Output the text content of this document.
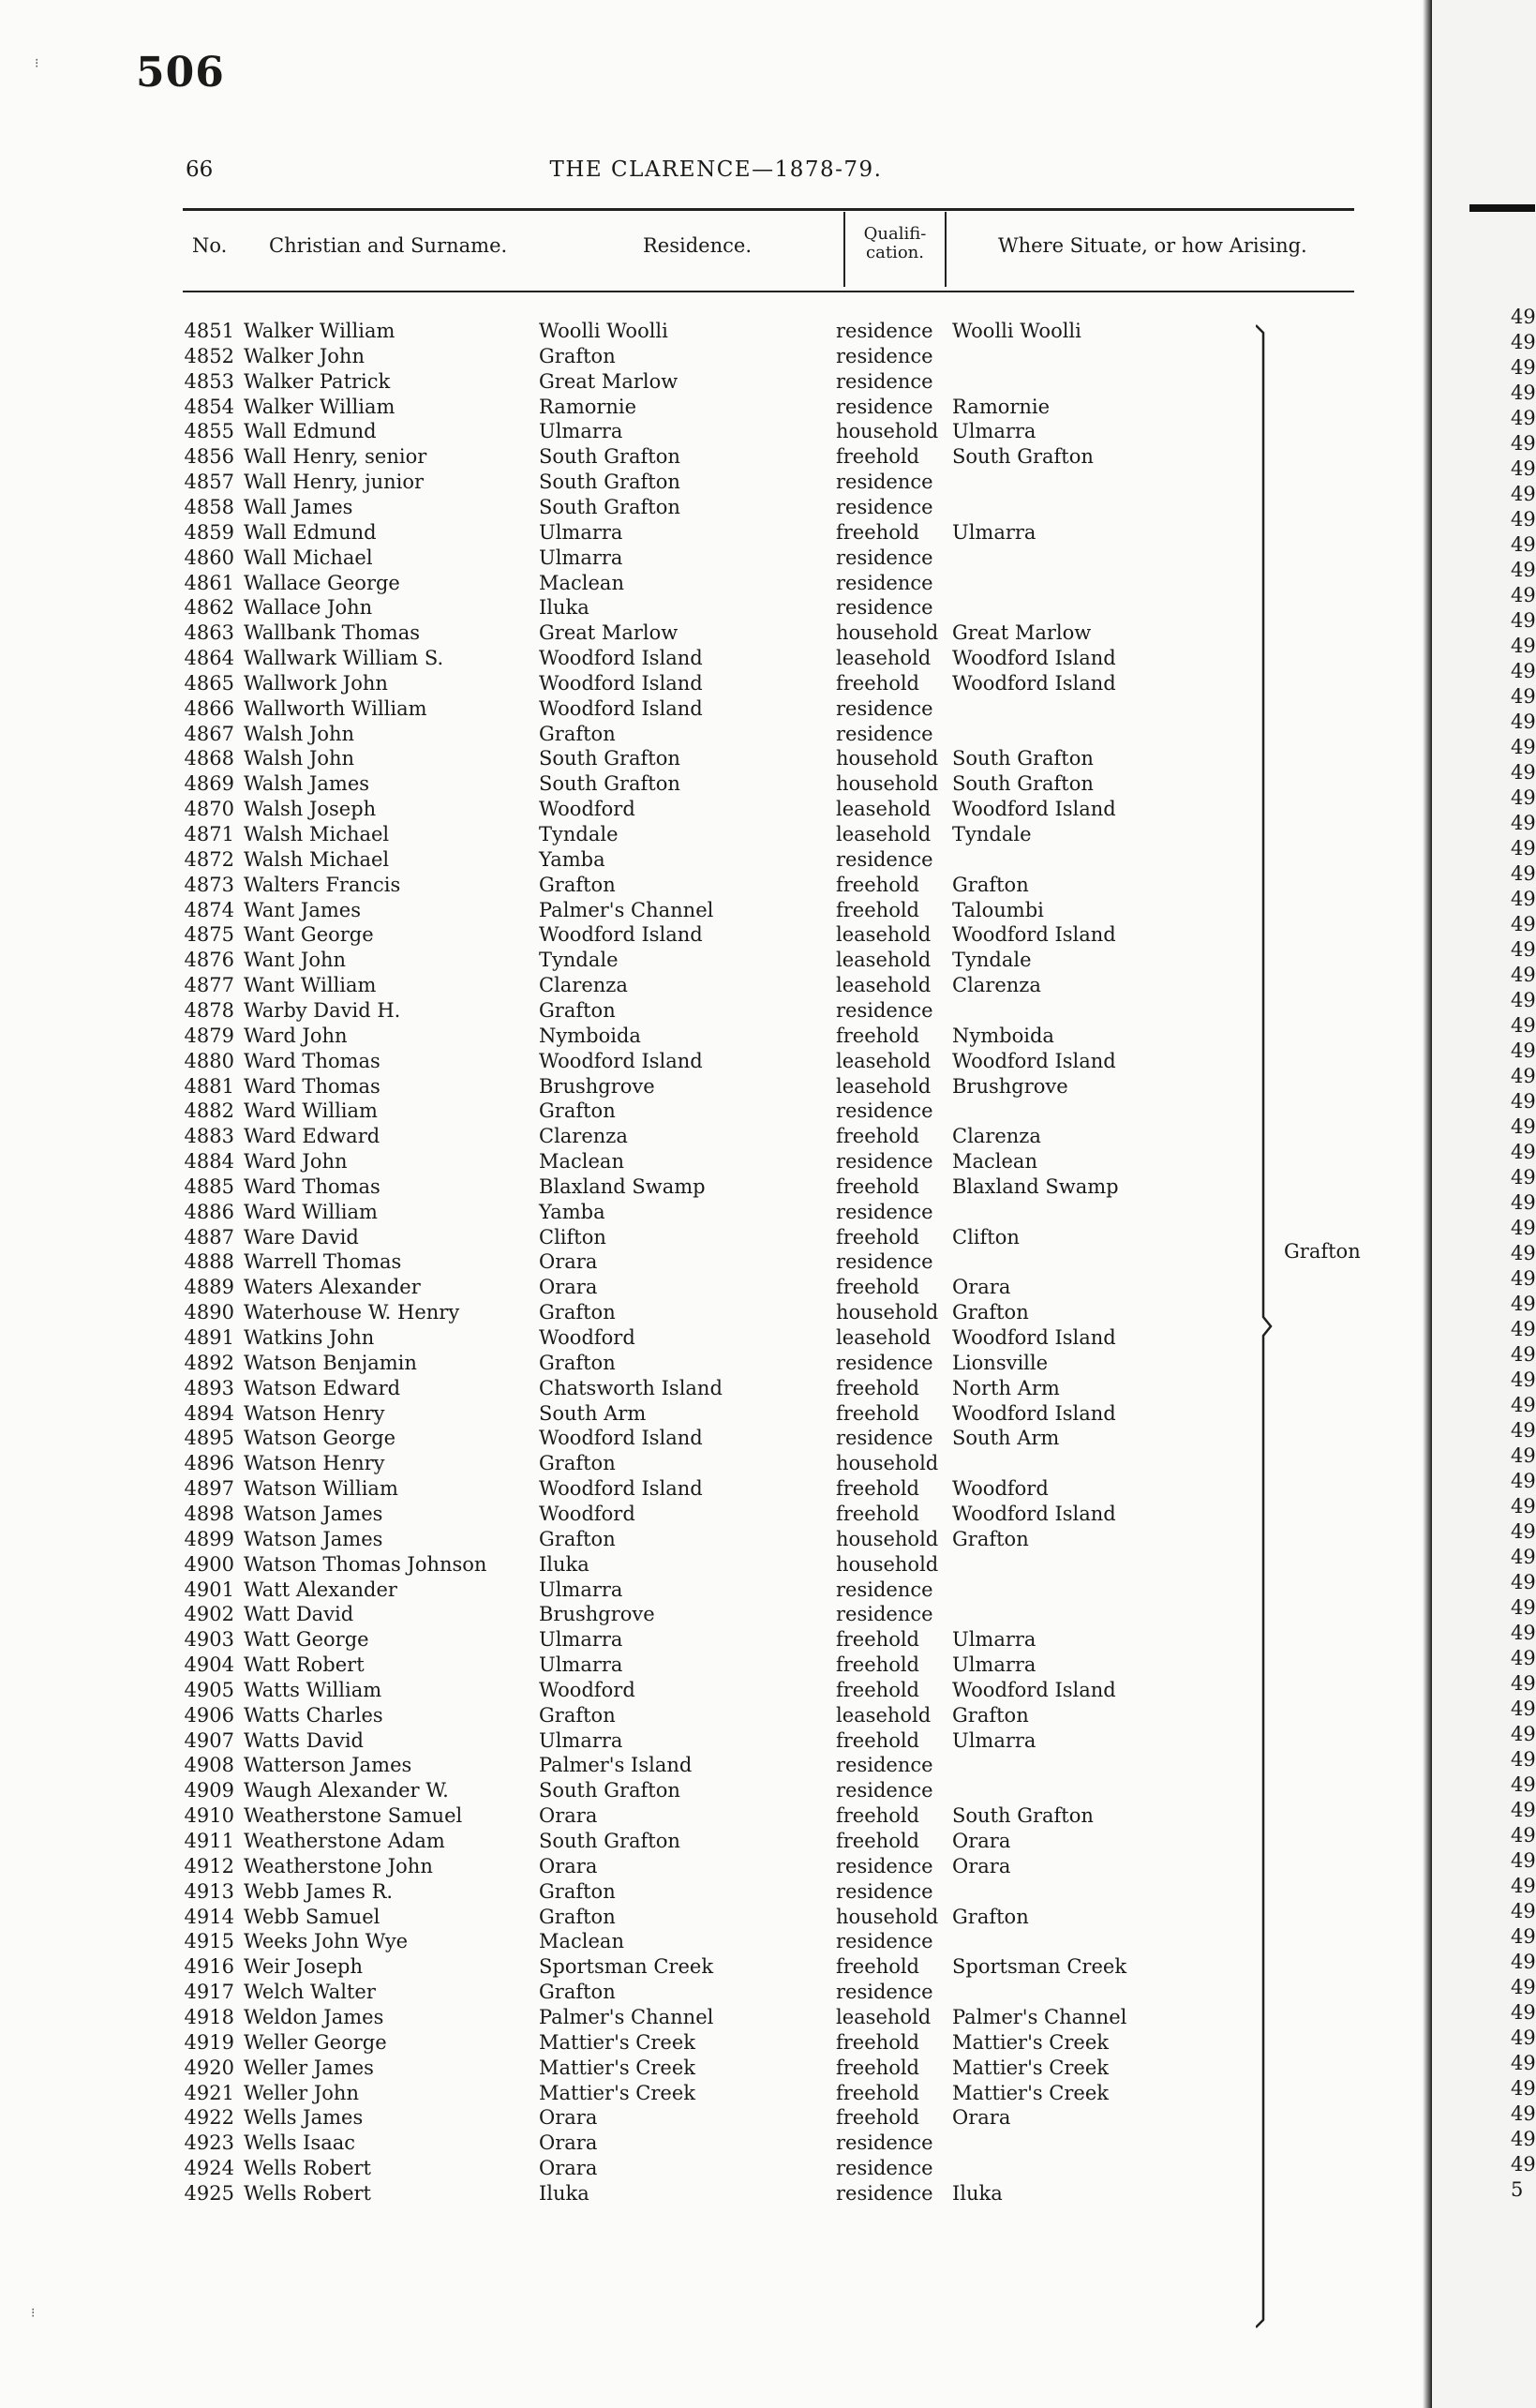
49
49
49
49
49
49
49
49
49
49
49
49
49
49
49
49
49
49
49
49
49
49
49
49
49
49
49
49
49
49
49
49
49
49
49
49
49
49
49
49
49
49
49
49
49
49
49
49
49
49
49
49
49
49
49
49
49
49
49
49
49
49
49
49
49
49
49
49
49
49
49
49
49
49
5
506
66	THE CLARENCE—1878-79.
No. Christian and Surname.	Residence.
Qualifi-
cation.	Where Situate, or how Arising.
4851 Walker William	Woolli Woolli	residence Woolli Woolli
4852 Walker John	Grafton	residence
4853 Walker Patrick	Great Marlow	residence
4854 Walker William	Ramornie	residence Ramornie
4855 Wall Edmund	Ulmarra	household Ulmarra
4856 Wall Henry, senior	South Grafton	freehold South Grafton
4857 Wall Henry, junior	South Grafton	residence
4858 Wall James	South Grafton	residence
4859 Wall Edmund	Ulmarra	freehold Ulmarra
4860 Wall Michael	Ulmarra	residence
4861 Wallace George	Maclean	residence
4862 Wallace John	Iluka	residence
4863 Wallbank Thomas	Great Marlow	household Great Marlow
4864 Wallwark William S.	Woodford Island	leasehold Woodford Island
4865 Wallwork John	Woodford Island	freehold Woodford Island
4866 Wallworth William	Woodford Island	residence
4867 Walsh John	Grafton	residence
4868 Walsh John	South Grafton	household South Grafton
4869 Walsh James	South Grafton	household South Grafton
4870 Walsh Joseph	Woodford	leasehold Woodford Island
4871 Walsh Michael	Tyndale	leasehold Tyndale
4872 Walsh Michael	Yamba	residence
4873 Walters Francis	Grafton	freehold Grafton
4874 Want James	Palmer's Channel	freehold Taloumbi
4875 Want George	Woodford Island	leasehold Woodford Island
4876 Want John	Tyndale	leasehold Tyndale
4877 Want William	Clarenza	leasehold Clarenza
4878 Warby David H.	Grafton	residence
4879 Ward John	Nymboida	freehold Nymboida
4880 Ward Thomas	Woodford Island	leasehold Woodford Island
4881 Ward Thomas	Brushgrove	leasehold Brushgrove
4882 Ward William	Grafton	residence
4883 Ward Edward	Clarenza	freehold Clarenza
4884 Ward John	Maclean	residence Maclean
4885 Ward Thomas	Blaxland Swamp	freehold Blaxland Swamp
4886 Ward William	Yamba	residence
4887 Ware David	Clifton	freehold Clifton
4888 Warrell Thomas	Orara	residence
4889 Waters Alexander	Orara	freehold Orara
4890 Waterhouse W. Henry	Grafton	household Grafton
4891 Watkins John	Woodford	leasehold Woodford Island
4892 Watson Benjamin	Grafton	residence Lionsville
4893 Watson Edward	Chatsworth Island	freehold North Arm
4894 Watson Henry	South Arm	freehold Woodford Island
4895 Watson George	Woodford Island	residence South Arm
4896 Watson Henry	Grafton	household
4897 Watson William	Woodford Island	freehold Woodford
4898 Watson James	Woodford	freehold Woodford Island
4899 Watson James	Grafton	household Grafton
4900 Watson Thomas Johnson	Iluka	household
4901 Watt Alexander	Ulmarra	residence
4902 Watt David	Brushgrove	residence
4903 Watt George	Ulmarra	freehold Ulmarra
4904 Watt Robert	Ulmarra	freehold Ulmarra
4905 Watts William	Woodford	freehold Woodford Island
4906 Watts Charles	Grafton	leasehold Grafton
4907 Watts David	Ulmarra	freehold Ulmarra
4908 Watterson James	Palmer's Island	residence
4909 Waugh Alexander W.	South Grafton	residence
4910 Weatherstone Samuel	Orara	freehold South Grafton
4911 Weatherstone Adam	South Grafton	freehold Orara
4912 Weatherstone John	Orara	residence Orara
4913 Webb James R.	Grafton	residence
4914 Webb Samuel	Grafton	household Grafton
4915 Weeks John Wye	Maclean	residence
4916 Weir Joseph	Sportsman Creek	freehold Sportsman Creek
4917 Welch Walter	Grafton	residence
4918 Weldon James	Palmer's Channel	leasehold Palmer's Channel
4919 Weller George	Mattier's Creek	freehold Mattier's Creek
4920 Weller James	Mattier's Creek	freehold Mattier's Creek
4921 Weller John	Mattier's Creek	freehold Mattier's Creek
4922 Wells James	Orara	freehold Orara
4923 Wells Isaac	Orara	residence
4924 Wells Robert	Orara	residence
4925 Wells Robert	Iluka	residence Iluka
Grafton
⁝
⁝
